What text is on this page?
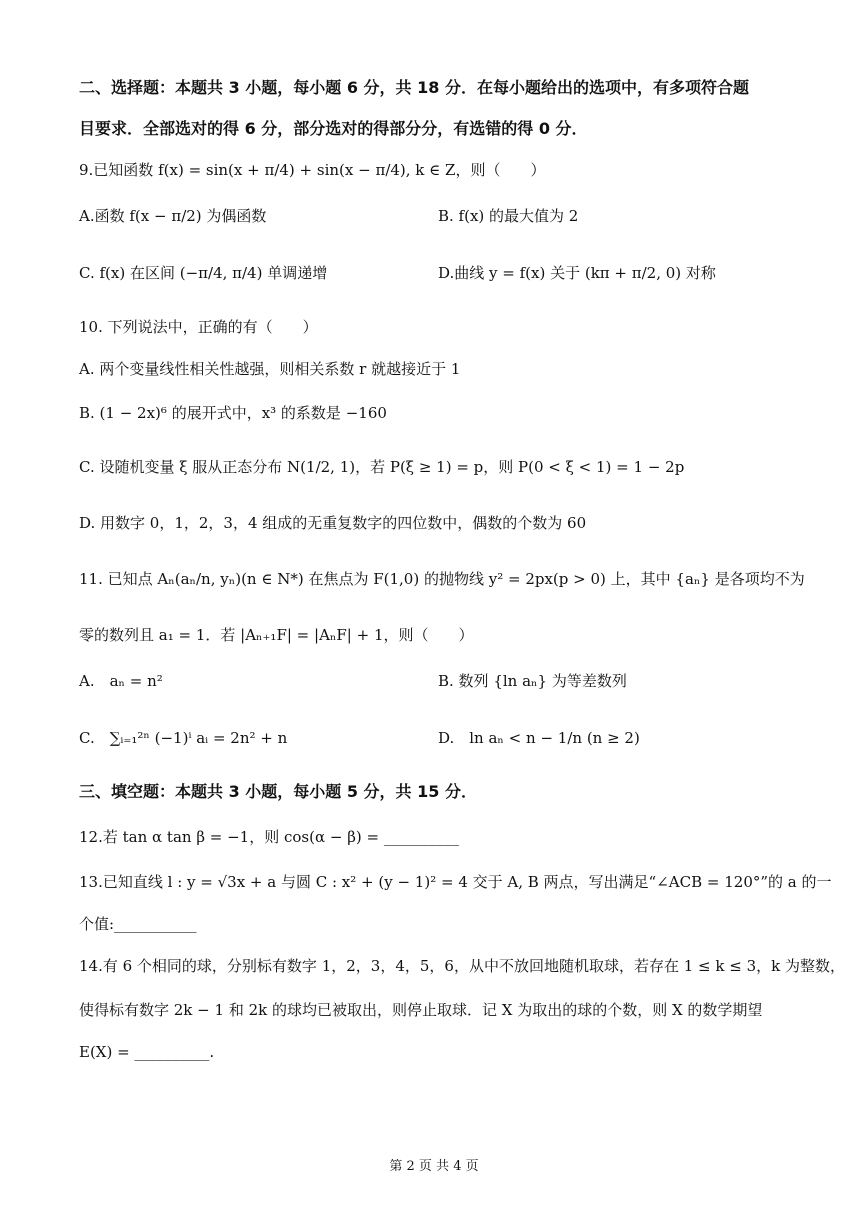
二、选择题：本题共 3 小题，每小题 6 分，共 18 分．在每小题给出的选项中，有多项符合题
目要求．全部选对的得 6 分，部分选对的得部分分，有选错的得 0 分．
9.已知函数 f(x) = sin(x + π/4) + sin(x − π/4), k ∈ Z，则（　　）
A.函数 f(x − π/2) 为偶函数	B. f(x) 的最大值为 2
C. f(x) 在区间 (−π/4, π/4) 单调递增	D.曲线 y = f(x) 关于 (kπ + π/2, 0) 对称
10. 下列说法中，正确的有（　　）
A. 两个变量线性相关性越强，则相关系数 r 就越接近于 1
B. (1 − 2x)⁶ 的展开式中，x³ 的系数是 −160
C. 设随机变量 ξ 服从正态分布 N(1/2, 1)，若 P(ξ ≥ 1) = p，则 P(0 < ξ < 1) = 1 − 2p
D. 用数字 0，1，2，3，4 组成的无重复数字的四位数中，偶数的个数为 60
11. 已知点 Aₙ(aₙ/n, yₙ)(n ∈ N*) 在焦点为 F(1,0) 的抛物线 y² = 2px(p > 0) 上，其中 {aₙ} 是各项均不为
零的数列且 a₁ = 1．若 |Aₙ₊₁F| = |AₙF| + 1，则（　　）
A.　aₙ = n²	B. 数列 {ln aₙ} 为等差数列
C.　∑ᵢ₌₁²ⁿ (−1)ⁱ aᵢ = 2n² + n	D.　ln aₙ < n − 1/n (n ≥ 2)
三、填空题：本题共 3 小题，每小题 5 分，共 15 分．
12.若 tan α tan β = −1，则 cos(α − β) = __________
13.已知直线 l : y = √3x + a 与圆 C : x² + (y − 1)² = 4 交于 A, B 两点，写出满足“∠ACB = 120°”的 a 的一
个值:___________
14.有 6 个相同的球，分别标有数字 1，2，3，4，5，6，从中不放回地随机取球，若存在 1 ≤ k ≤ 3，k 为整数，
使得标有数字 2k − 1 和 2k 的球均已被取出，则停止取球．记 X 为取出的球的个数，则 X 的数学期望
E(X) = __________.
第 2 页 共 4 页
